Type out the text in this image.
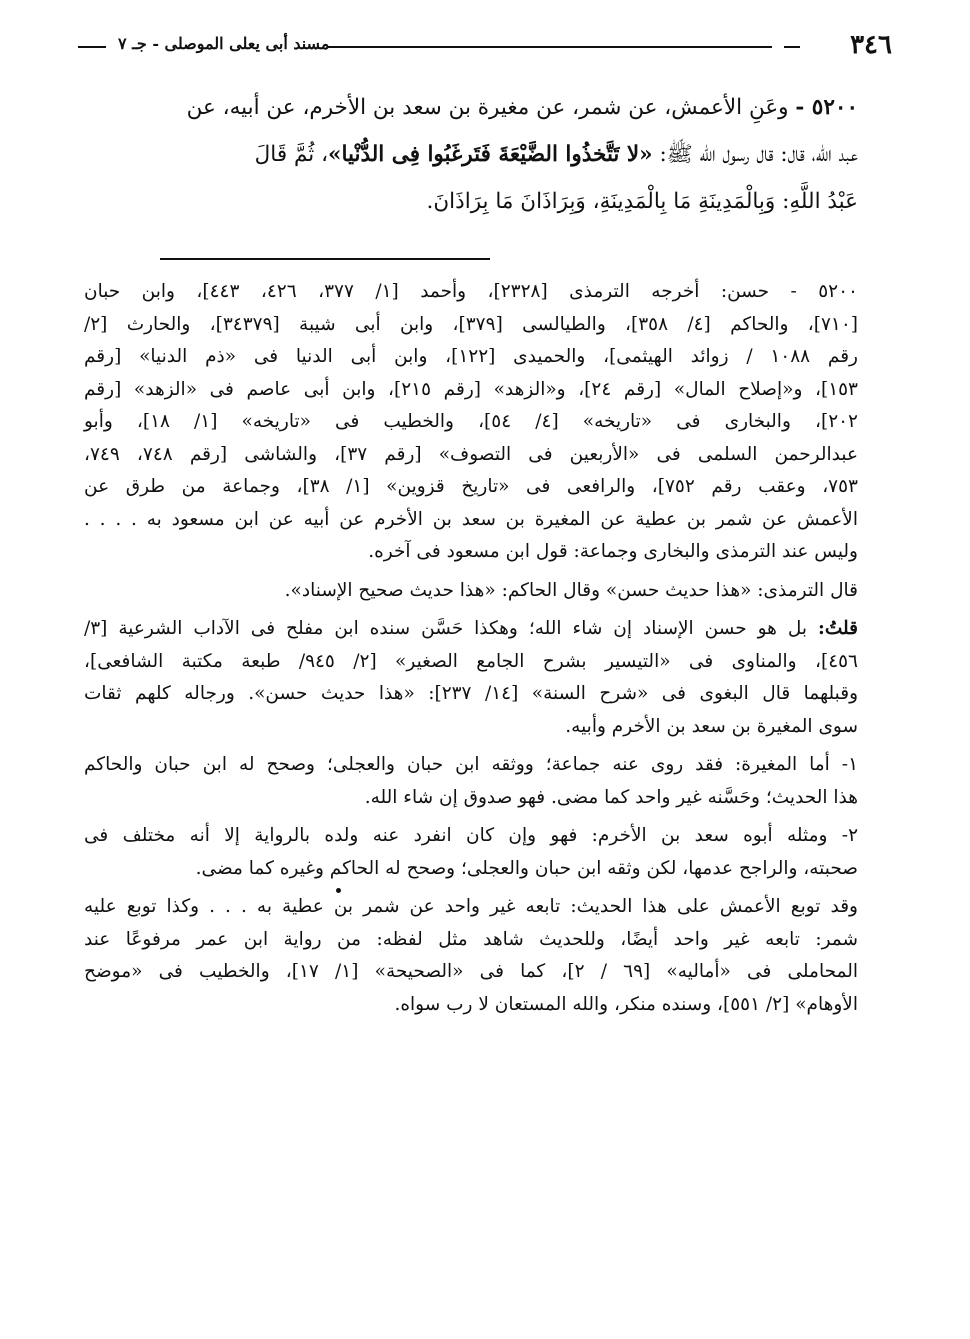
٣٤٦
مسند أبى يعلى الموصلى - جـ ٧
٥٢٠٠ - وعَنِ الأعمش، عن شمر، عن مغيرة بن سعد بن الأخرم، عن أبيه، عن
عبد الله، قال: قال رسول الله ﷺ: «لا تَتَّخذُوا الضَّيْعَةَ فَتَرغَبُوا فِى الدُّنْيا»، ثُمَّ قَالَ
عَبْدُ اللَّهِ: وَبِالْمَدِينَةِ مَا بِالْمَدِينَةِ، وَبِرَاذَانَ مَا بِرَاذَانَ.
٥٢٠٠ - حسن: أخرجه الترمذى [٢٣٢٨]، وأحمد [١/ ٣٧٧، ٤٢٦، ٤٤٣]، وابن حبان
[٧١٠]، والحاكم [٤/ ٣٥٨]، والطيالسى [٣٧٩]، وابن أبى شيبة [٣٤٣٧٩]، والحارث [٢/
رقم ١٠٨٨ / زوائد الهيثمى]، والحميدى [١٢٢]، وابن أبى الدنيا فى «ذم الدنيا» [رقم
١٥٣]، و«إصلاح المال» [رقم ٢٤]، و«الزهد» [رقم ٢١٥]، وابن أبى عاصم فى «الزهد» [رقم
٢٠٢]، والبخارى فى «تاريخه» [٤/ ٥٤]، والخطيب فى «تاريخه» [١/ ١٨]، وأبو
عبدالرحمن السلمى فى «الأربعين فى التصوف» [رقم ٣٧]، والشاشى [رقم ٧٤٨، ٧٤٩،
٧٥٣، وعقب رقم ٧٥٢]، والرافعى فى «تاريخ قزوين» [١/ ٣٨]، وجماعة من طرق عن
الأعمش عن شمر بن عطية عن المغيرة بن سعد بن الأخرم عن أبيه عن ابن مسعود به . . . .
وليس عند الترمذى والبخارى وجماعة: قول ابن مسعود فى آخره.
قال الترمذى: «هذا حديث حسن» وقال الحاكم: «هذا حديث صحيح الإسناد».
قلتُ: بل هو حسن الإسناد إن شاء الله؛ وهكذا حَسَّن سنده ابن مفلح فى الآداب الشرعية [٣/
٤٥٦]، والمناوى فى «التيسير بشرح الجامع الصغير» [٢/ ٩٤٥/ طبعة مكتبة الشافعى]،
وقبلهما قال البغوى فى «شرح السنة» [١٤/ ٢٣٧]: «هذا حديث حسن». ورجاله كلهم ثقات
سوى المغيرة بن سعد بن الأخرم وأبيه.
١- أما المغيرة: فقد روى عنه جماعة؛ ووثقه ابن حبان والعجلى؛ وصحح له ابن حبان والحاكم
هذا الحديث؛ وحَسَّنه غير واحد كما مضى. فهو صدوق إن شاء الله.
٢- ومثله أبوه سعد بن الأخرم: فهو وإن كان انفرد عنه ولده بالرواية إلا أنه مختلف فى
صحبته، والراجح عدمها، لكن وثقه ابن حبان والعجلى؛ وصحح له الحاكم وغيره كما مضى.
وقد توبع الأعمش على هذا الحديث: تابعه غير واحد عن شمر بن عطية به . . . وكذا توبع عليه
شمر: تابعه غير واحد أيضًا، وللحديث شاهد مثل لفظه: من رواية ابن عمر مرفوعًا عند
المحاملى فى «أماليه» [٦٩ / ٢]، كما فى «الصحيحة» [١/ ١٧]، والخطيب فى «موضح
الأوهام» [٢/ ٥٥١]، وسنده منكر، والله المستعان لا رب سواه.
